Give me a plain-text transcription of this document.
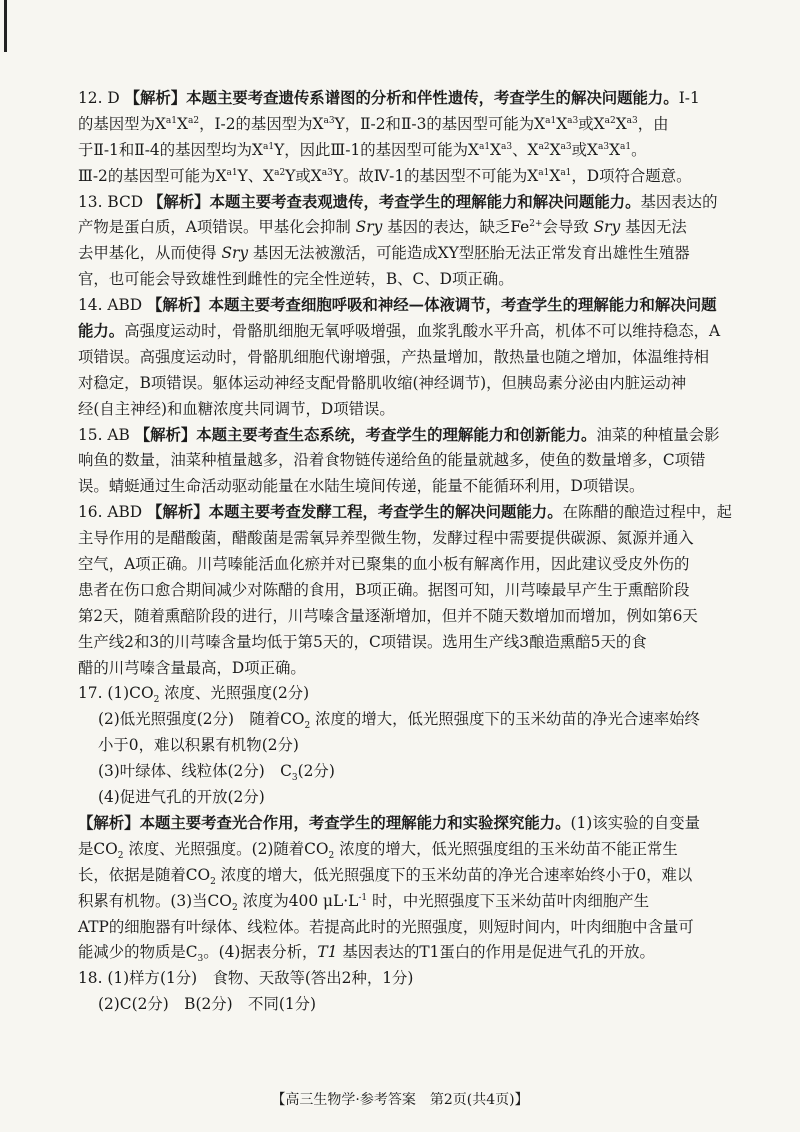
12. D 【解析】本题主要考查遗传系谱图的分析和伴性遗传，考查学生的解决问题能力。Ⅰ-1
的基因型为$X^{a1}X^{a2}$，Ⅰ-2的基因型为$X^{a3}Y$，Ⅱ-2和Ⅱ-3的基因型可能为$X^{a1}X^{a3}$或$X^{a2}X^{a3}$，由
于Ⅱ-1和Ⅱ-4的基因型均为$X^{a1}Y$，因此Ⅲ-1的基因型可能为$X^{a1}X^{a3}$、$X^{a2}X^{a3}$或$X^{a3}X^{a1}$。
Ⅲ-2的基因型可能为$X^{a1}Y$、$X^{a2}Y$或$X^{a3}Y$。故Ⅳ-1的基因型不可能为$X^{a1}X^{a1}$，D项符合题意。
13. BCD 【解析】本题主要考查表观遗传，考查学生的理解能力和解决问题能力。基因表达的
产物是蛋白质，A项错误。甲基化会抑制 Sry 基因的表达，缺乏$Fe^{2+}$会导致 Sry 基因无法
去甲基化，从而使得 Sry 基因无法被激活，可能造成XY型胚胎无法正常发育出雄性生殖器
官，也可能会导致雄性到雌性的完全性逆转，B、C、D项正确。
14. ABD 【解析】本题主要考查细胞呼吸和神经—体液调节，考查学生的理解能力和解决问题
能力。高强度运动时，骨骼肌细胞无氧呼吸增强，血浆乳酸水平升高，机体不可以维持稳态，A
项错误。高强度运动时，骨骼肌细胞代谢增强，产热量增加，散热量也随之增加，体温维持相
对稳定，B项错误。躯体运动神经支配骨骼肌收缩(神经调节)，但胰岛素分泌由内脏运动神
经(自主神经)和血糖浓度共同调节，D项错误。
15. AB 【解析】本题主要考查生态系统，考查学生的理解能力和创新能力。油菜的种植量会影
响鱼的数量，油菜种植量越多，沿着食物链传递给鱼的能量就越多，使鱼的数量增多，C项错
误。蜻蜓通过生命活动驱动能量在水陆生境间传递，能量不能循环利用，D项错误。
16. ABD 【解析】本题主要考查发酵工程，考查学生的解决问题能力。在陈醋的酿造过程中，起
主导作用的是醋酸菌，醋酸菌是需氧异养型微生物，发酵过程中需要提供碳源、氮源并通入
空气，A项正确。川芎嗪能活血化瘀并对已聚集的血小板有解离作用，因此建议受皮外伤的
患者在伤口愈合期间减少对陈醋的食用，B项正确。据图可知，川芎嗪最早产生于熏醅阶段
第2天，随着熏醅阶段的进行，川芎嗪含量逐渐增加，但并不随天数增加而增加，例如第6天
生产线2和3的川芎嗪含量均低于第5天的，C项错误。选用生产线3酿造熏醅5天的食
醋的川芎嗪含量最高，D项正确。
17. $(1)CO_2$ 浓度、光照强度(2分)
(2)低光照强度(2分)　随着$CO_2$ 浓度的增大，低光照强度下的玉米幼苗的净光合速率始终
小于0，难以积累有机物(2分)
(3)叶绿体、线粒体(2分)　$C_3(2$分)
(4)促进气孔的开放(2分)
【解析】本题主要考查光合作用，考查学生的理解能力和实验探究能力。(1)该实验的自变量
是$CO_2$ 浓度、光照强度。(2)随着$CO_2$ 浓度的增大，低光照强度组的玉米幼苗不能正常生
长，依据是随着$CO_2$ 浓度的增大，低光照强度下的玉米幼苗的净光合速率始终小于0，难以
积累有机物。(3)当$CO_2$ 浓度为400 $\mu L\cdot L^{-1}$ 时，中光照强度下玉米幼苗叶肉细胞产生
ATP的细胞器有叶绿体、线粒体。若提高此时的光照强度，则短时间内，叶肉细胞中含量可
能减少的物质是$C_3$。(4)据表分析，T1 基因表达的T1蛋白的作用是促进气孔的开放。
18. (1)样方(1分)　食物、天敌等(答出2种，1分)
(2)C(2分)　B(2分)　不同(1分)
【高三生物学·参考答案　第2页(共4页)】
